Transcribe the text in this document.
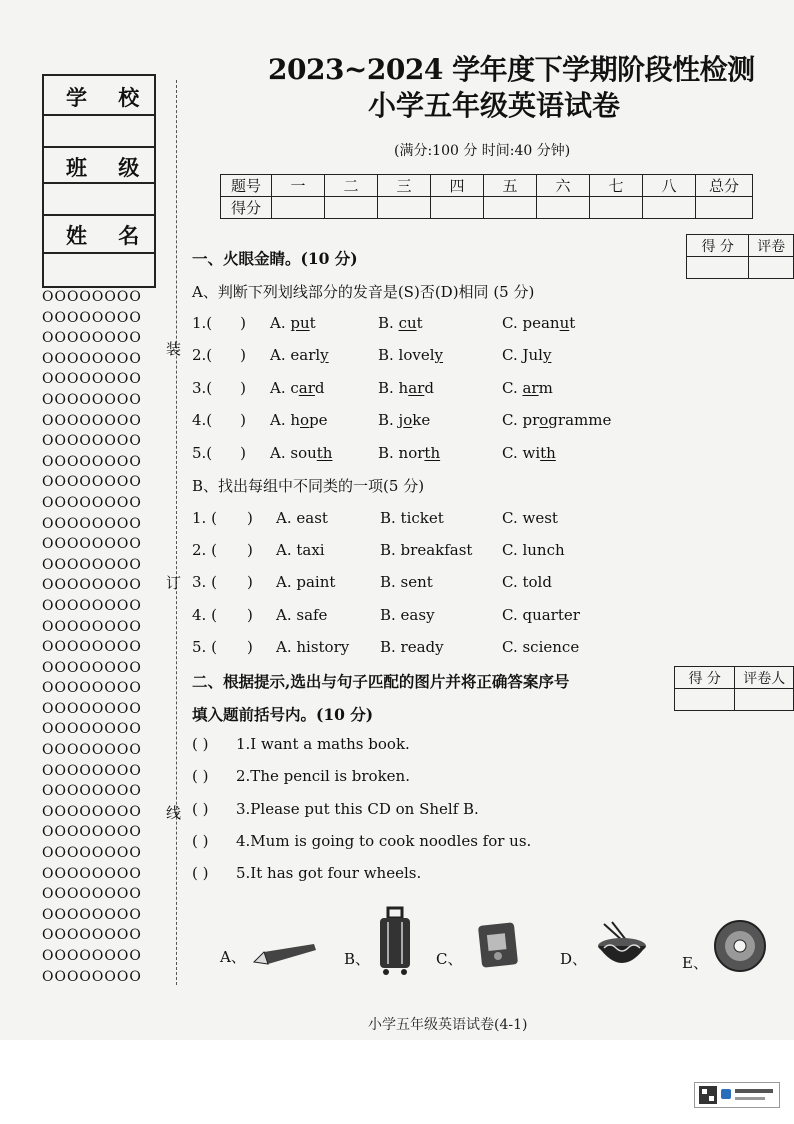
学 校
班 级
姓 名
OOOOOOOO
OOOOOOOO
OOOOOOOO
OOOOOOOO
OOOOOOOO
OOOOOOOO
OOOOOOOO
OOOOOOOO
OOOOOOOO
OOOOOOOO
OOOOOOOO
OOOOOOOO
OOOOOOOO
OOOOOOOO
OOOOOOOO
OOOOOOOO
OOOOOOOO
OOOOOOOO
OOOOOOOO
OOOOOOOO
OOOOOOOO
OOOOOOOO
OOOOOOOO
OOOOOOOO
OOOOOOOO
OOOOOOOO
OOOOOOOO
OOOOOOOO
OOOOOOOO
OOOOOOOO
OOOOOOOO
OOOOOOOO
OOOOOOOO
OOOOOOOO
装
订
线
2023~2024 学年度下学期阶段性检测
小学五年级英语试卷
(满分:100 分 时间:40 分钟)
题号	一	二	三	四	五	六	七	八	总分
得分									
一、火眼金睛。(10 分)
得 分	评卷

A、判断下列划线部分的发音是(S)否(D)相同 (5 分)
1.( ) A. put	B. cut	C. peanut
2.( ) A. early	B. lovely	C. July
3.( ) A. card	B. hard	C. arm
4.( ) A. hope	B. joke	C. programme
5.( ) A. south	B. north	C. with
B、找出每组中不同类的一项(5 分)
1. ( ) A. east	B. ticket	C. west
2. ( ) A. taxi	B. breakfast C. lunch
3. ( ) A. paint	B. sent	C. told
4. ( ) A. safe	B. easy	C. quarter
5. ( ) A. history B. ready	C. science
二、根据提示,选出与句子匹配的图片并将正确答案序号
填入题前括号内。(10 分)
得 分	评卷人

( ) 1.I want a maths book.
( ) 2.The pencil is broken.
( ) 3.Please put this CD on Shelf B.
( ) 4.Mum is going to cook noodles for us.
( ) 5.It has got four wheels.
A、	B、	C、	D、	E、
小学五年级英语试卷(4-1)
